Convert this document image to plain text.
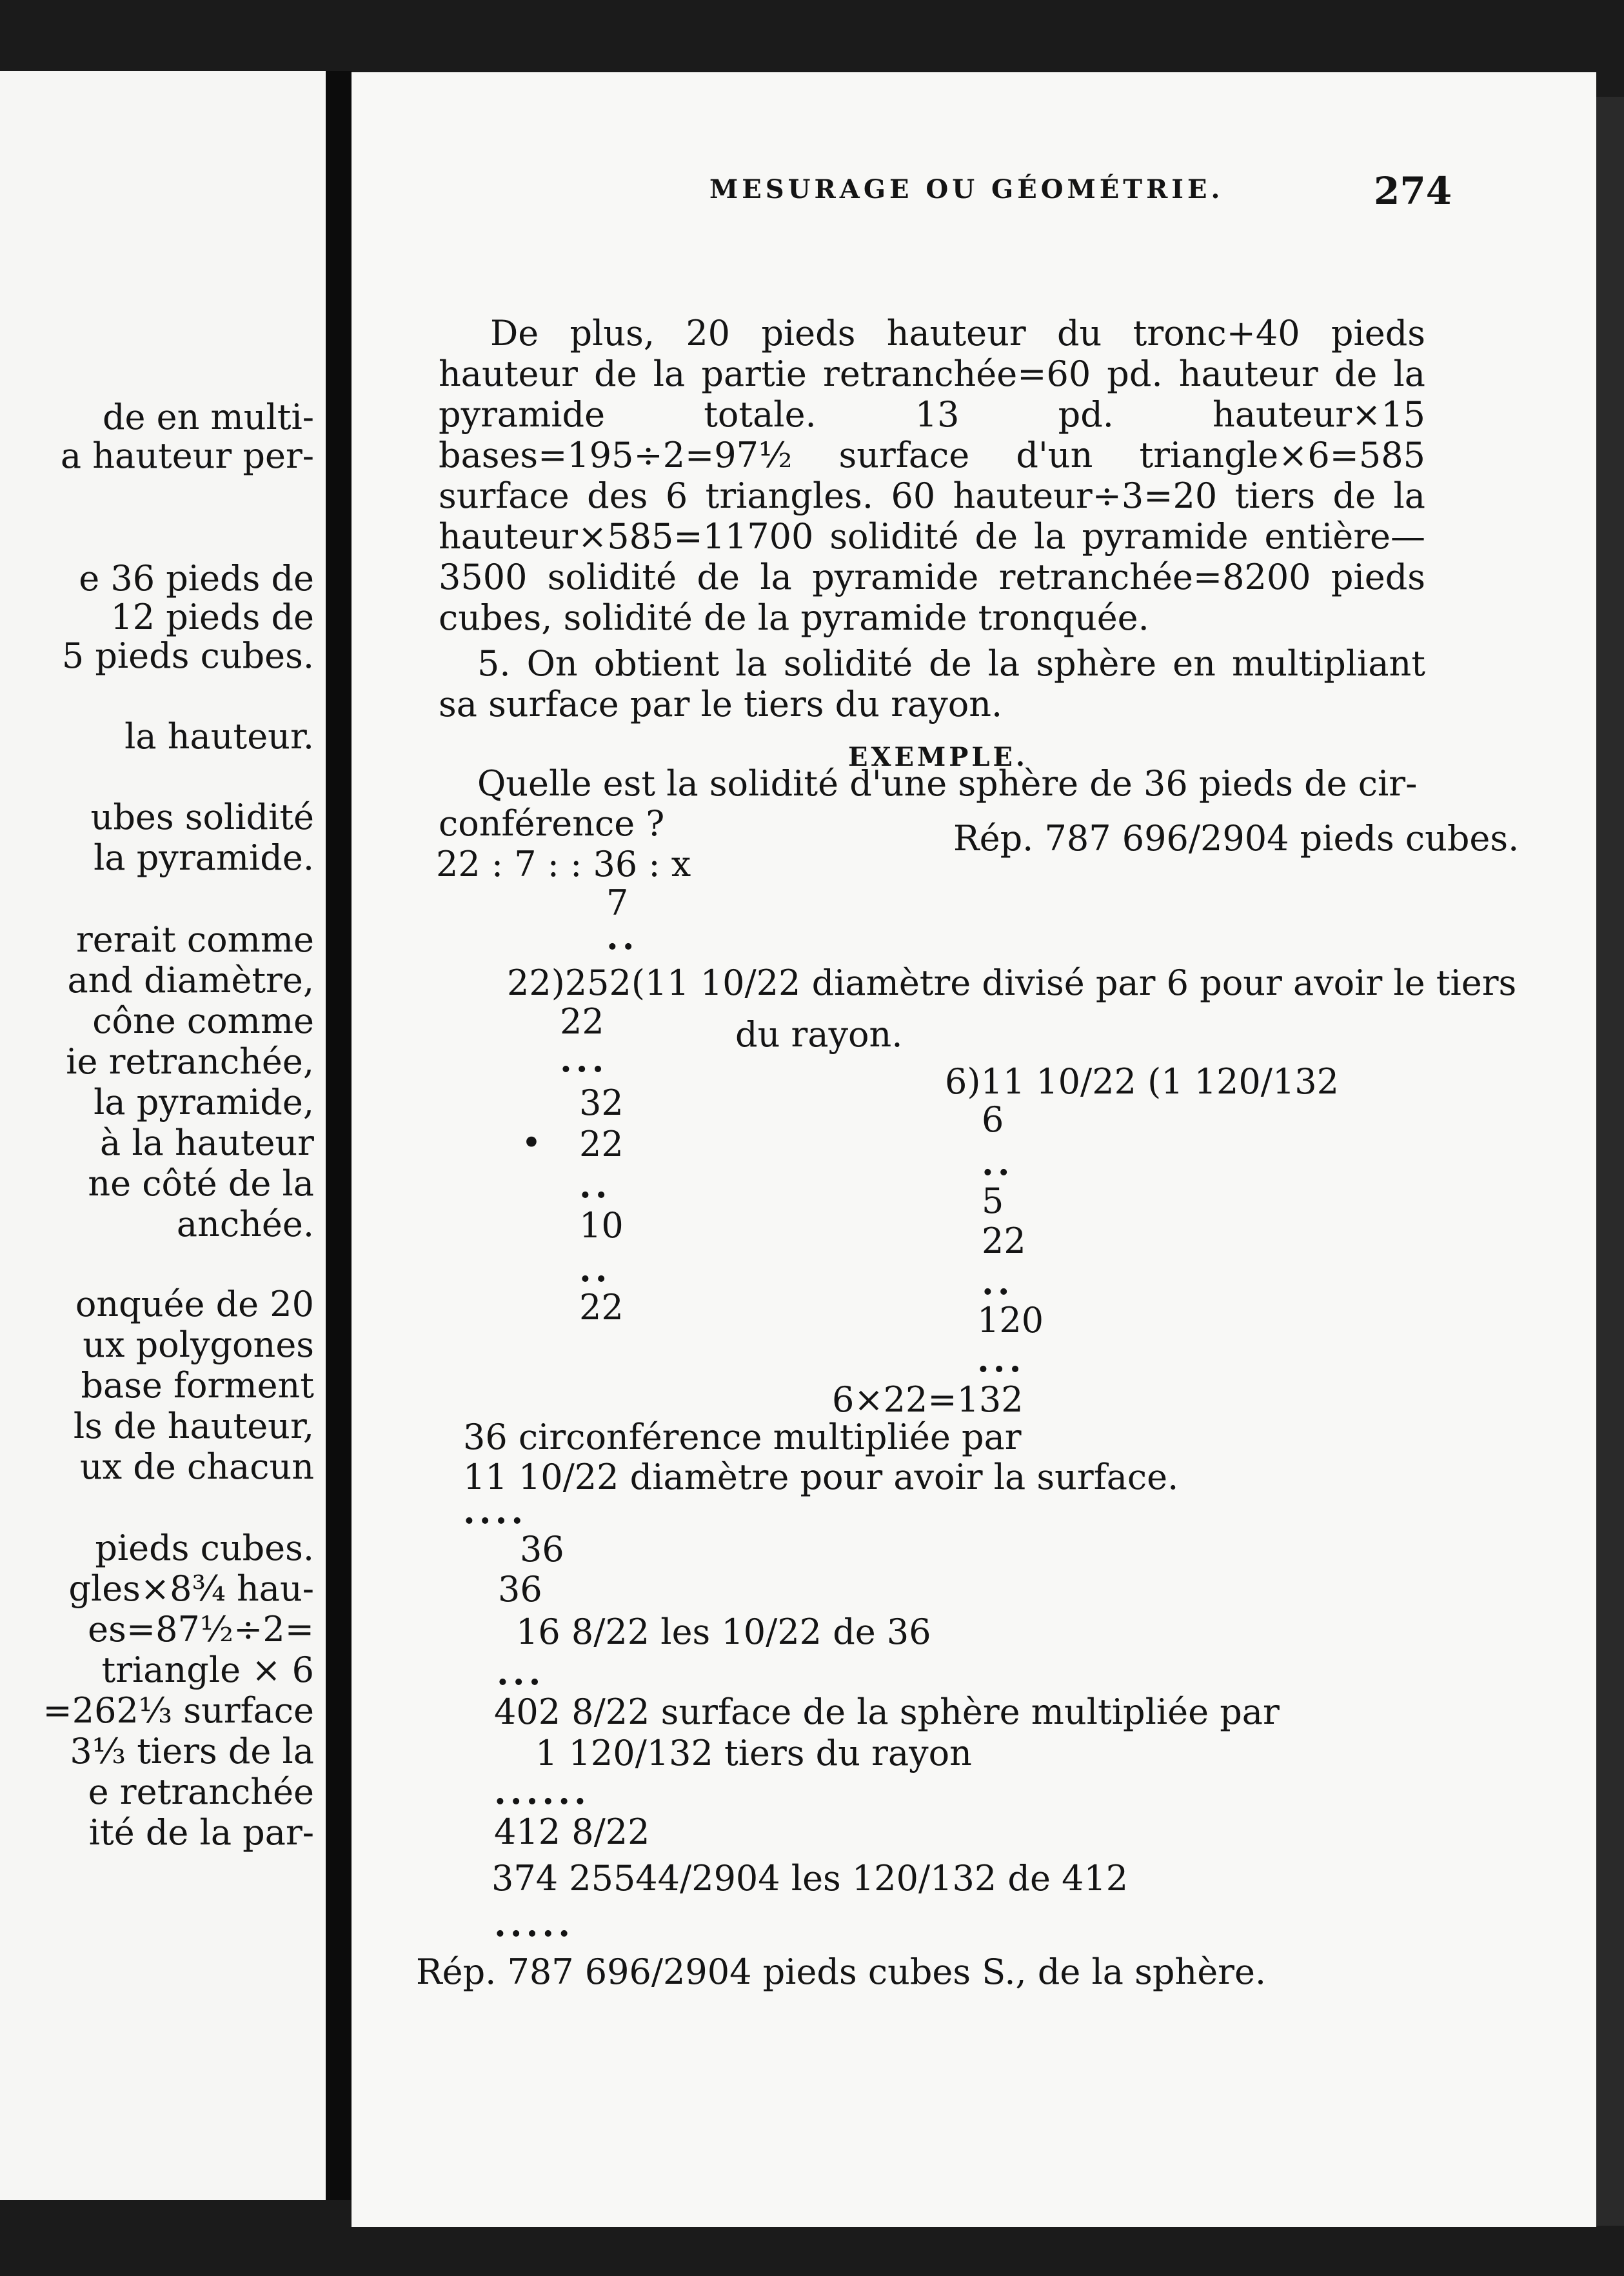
de en multi-
a hauteur per-
e 36 pieds de
12 pieds de
5 pieds cubes.
la hauteur.
ubes solidité
la pyramide.
rerait comme
and diamètre,
cône comme
ie retranchée,
la pyramide,
à la hauteur
ne côté de la
anchée.
onquée de 20
ux polygones
base forment
ls de hauteur,
ux de chacun
pieds cubes.
gles×8¾ hau-
es=87½÷2=
triangle × 6
=262⅓ surface
3⅓ tiers de la
e retranchée
ité de la par-
MESURAGE OU GÉOMÉTRIE.	274
De plus, 20 pieds hauteur du tronc+40 pieds hauteur de la partie retranchée=60 pd. hauteur de la pyramide totale. 13 pd. hauteur×15 bases=195÷2=97½ surface d'un triangle×6=585 surface des 6 triangles. 60 hauteur÷3=20 tiers de la hauteur×585=11700 solidité de la pyramide entière—3500 solidité de la pyramide retranchée=8200 pieds cubes, solidité de la pyramide tronquée.
5. On obtient la solidité de la sphère en multipliant sa surface par le tiers du rayon.
EXEMPLE.
Quelle est la solidité d'une sphère de 36 pieds de cir-
conférence ?	Rép. 787 696/2904 pieds cubes.
22 : 7 : : 36 : x
7
..
22)252(11 10/22 diamètre divisé par 6 pour avoir le tiers
22	du rayon.
...
6)11 10/22 (1 120/132
32	6
• 22	..
..	5
10	22
..	..
22	120
...
6×22=132
36 circonférence multipliée par
11 10/22 diamètre pour avoir la surface.
....
36
36
16 8/22 les 10/22 de 36
...
402 8/22 surface de la sphère multipliée par
1 120/132 tiers du rayon
......
412 8/22
374 25544/2904 les 120/132 de 412
.....
Rép. 787 696/2904 pieds cubes S., de la sphère.
